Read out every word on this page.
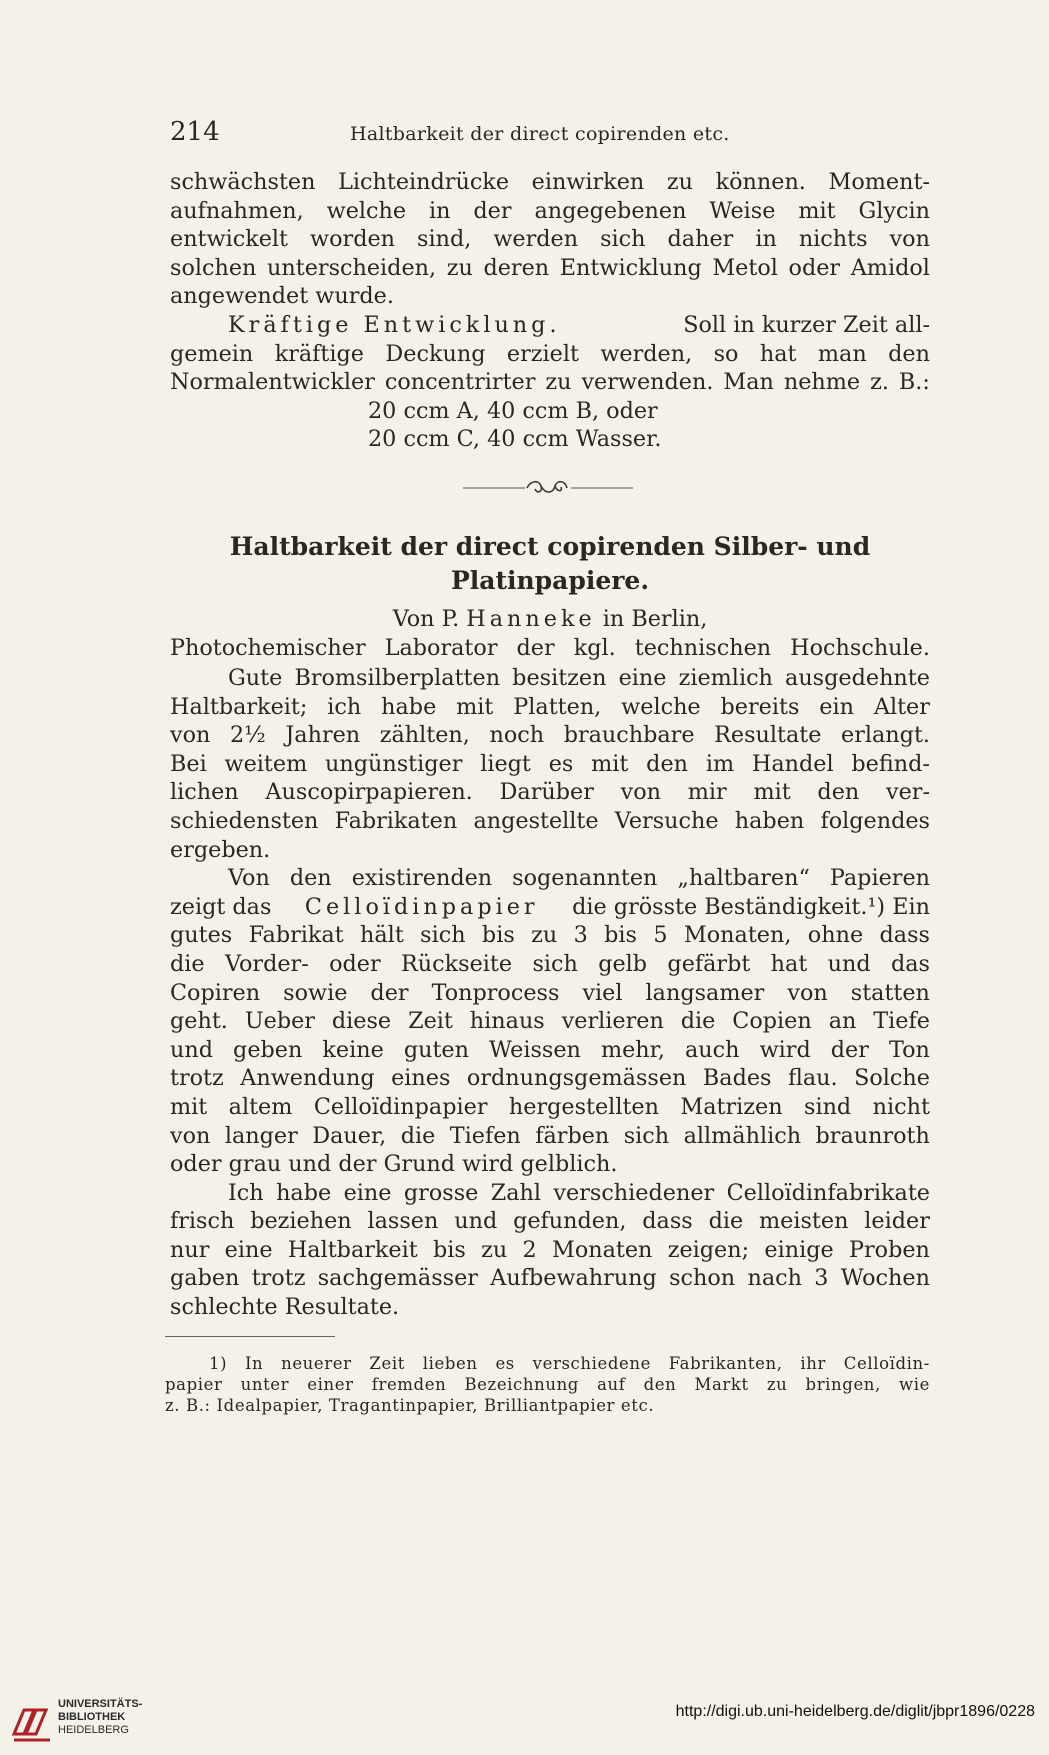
214	Haltbarkeit der direct copirenden etc.
schwächsten Lichteindrücke einwirken zu können. Moment-
aufnahmen, welche in der angegebenen Weise mit Glycin
entwickelt worden sind, werden sich daher in nichts von
solchen unterscheiden, zu deren Entwicklung Metol oder Amidol
angewendet wurde.
Kräftige Entwicklung.	Soll in kurzer Zeit all-
gemein kräftige Deckung erzielt werden, so hat man den
Normalentwickler concentrirter zu verwenden. Man nehme z. B.:
20 ccm A, 40 ccm B, oder
20 ccm C, 40 ccm Wasser.
Haltbarkeit der direct copirenden Silber- und
Platinpapiere.
Von P.
Hanneke
in Berlin,
Photochemischer Laborator der kgl. technischen Hochschule.
Gute Bromsilberplatten besitzen eine ziemlich ausgedehnte
Haltbarkeit; ich habe mit Platten, welche bereits ein Alter
von 2½ Jahren zählten, noch brauchbare Resultate erlangt.
Bei weitem ungünstiger liegt es mit den im Handel befind-
lichen Auscopirpapieren. Darüber von mir mit den ver-
schiedensten Fabrikaten angestellte Versuche haben folgendes
ergeben.
Von den existirenden sogenannten „haltbaren“ Papieren
zeigt das Celloïdinpapier die grösste Beständigkeit.¹) Ein
gutes Fabrikat hält sich bis zu 3 bis 5 Monaten, ohne dass
die Vorder- oder Rückseite sich gelb gefärbt hat und das
Copiren sowie der Tonprocess viel langsamer von statten
geht. Ueber diese Zeit hinaus verlieren die Copien an Tiefe
und geben keine guten Weissen mehr, auch wird der Ton
trotz Anwendung eines ordnungsgemässen Bades flau. Solche
mit altem Celloïdinpapier hergestellten Matrizen sind nicht
von langer Dauer, die Tiefen färben sich allmählich braunroth
oder grau und der Grund wird gelblich.
Ich habe eine grosse Zahl verschiedener Celloïdinfabrikate
frisch beziehen lassen und gefunden, dass die meisten leider
nur eine Haltbarkeit bis zu 2 Monaten zeigen; einige Proben
gaben trotz sachgemässer Aufbewahrung schon nach 3 Wochen
schlechte Resultate.
1) In neuerer Zeit lieben es verschiedene Fabrikanten, ihr Celloïdin-
papier unter einer fremden Bezeichnung auf den Markt zu bringen, wie
z. B.: Idealpapier, Tragantinpapier, Brilliantpapier etc.
UNIVERSITÄTS-
BIBLIOTHEK
HEIDELBERG
http://digi.ub.uni-heidelberg.de/diglit/jbpr1896/0228
